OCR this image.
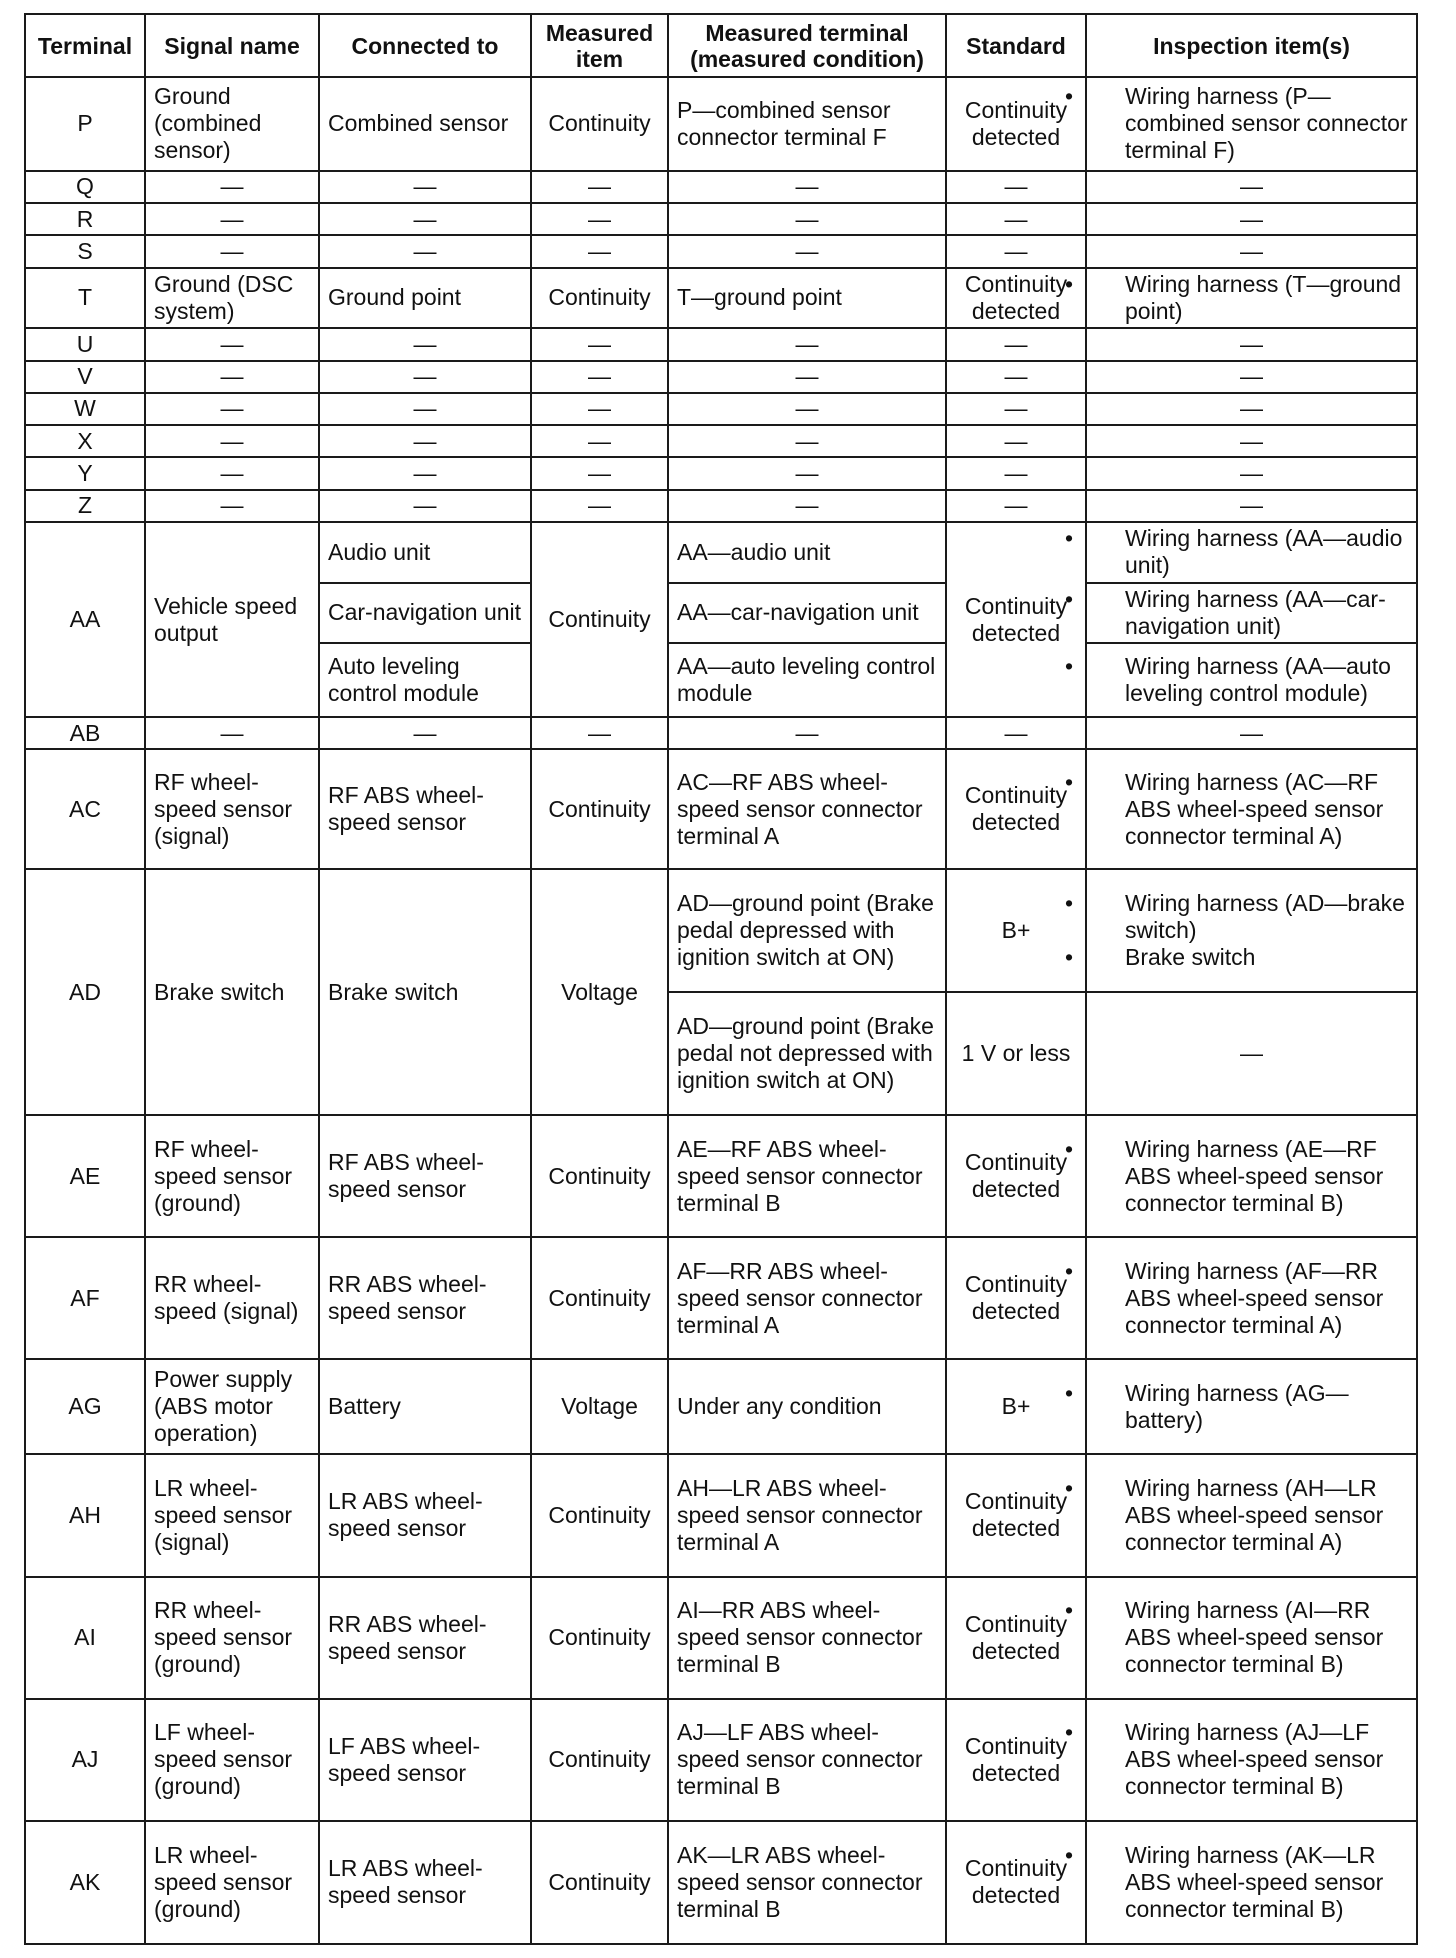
Terminal	Signal name	Connected to	Measured item	Measured terminal (measured condition)	Standard	Inspection item(s)
P	Ground (combined sensor)	Combined sensor	Continuity	P—combined sensor connector terminal F	Continuity detected	• Wiring harness (P—combined sensor connector terminal F)

Q	—	—	—	—	—	—
R	—	—	—	—	—	—
S	—	—	—	—	—	—
T	Ground (DSC system)	Ground point	Continuity	T—ground point	Continuity detected	• Wiring harness (T—ground point)

U	—	—	—	—	—	—
V	—	—	—	—	—	—
W	—	—	—	—	—	—
X	—	—	—	—	—	—
Y	—	—	—	—	—	—
Z	—	—	—	—	—	—
AA	Vehicle speed output	Audio unit	Continuity	AA—audio unit	Continuity detected	• Wiring harness (AA—audio unit)

		Car-navigation unit		AA—car-navigation unit		• Wiring harness (AA—car-navigation unit)

		Auto leveling control module		AA—auto leveling control module		• Wiring harness (AA—auto leveling control module)

AB	—	—	—	—	—	—
AC	RF wheel-speed sensor (signal)	RF ABS wheel-speed sensor	Continuity	AC—RF ABS wheel-speed sensor connector terminal A	Continuity detected	• Wiring harness (AC—RF ABS wheel-speed sensor connector terminal A)

AD	Brake switch	Brake switch	Voltage	AD—ground point (Brake pedal depressed with ignition switch at ON)	B+	• Wiring harness (AD—brake switch)
• Brake switch

				AD—ground point (Brake pedal not depressed with ignition switch at ON)	1 V or less	—
AE	RF wheel-speed sensor (ground)	RF ABS wheel-speed sensor	Continuity	AE—RF ABS wheel-speed sensor connector terminal B	Continuity detected	• Wiring harness (AE—RF ABS wheel-speed sensor connector terminal B)

AF	RR wheel-speed (signal)	RR ABS wheel-speed sensor	Continuity	AF—RR ABS wheel-speed sensor connector terminal A	Continuity detected	• Wiring harness (AF—RR ABS wheel-speed sensor connector terminal A)

AG	Power supply (ABS motor operation)	Battery	Voltage	Under any condition	B+	• Wiring harness (AG—battery)

AH	LR wheel-speed sensor (signal)	LR ABS wheel-speed sensor	Continuity	AH—LR ABS wheel-speed sensor connector terminal A	Continuity detected	• Wiring harness (AH—LR ABS wheel-speed sensor connector terminal A)

AI	RR wheel-speed sensor (ground)	RR ABS wheel-speed sensor	Continuity	AI—RR ABS wheel-speed sensor connector terminal B	Continuity detected	• Wiring harness (AI—RR ABS wheel-speed sensor connector terminal B)

AJ	LF wheel-speed sensor (ground)	LF ABS wheel-speed sensor	Continuity	AJ—LF ABS wheel-speed sensor connector terminal B	Continuity detected	• Wiring harness (AJ—LF ABS wheel-speed sensor connector terminal B)

AK	LR wheel-speed sensor (ground)	LR ABS wheel-speed sensor	Continuity	AK—LR ABS wheel-speed sensor connector terminal B	Continuity detected	• Wiring harness (AK—LR ABS wheel-speed sensor connector terminal B)
